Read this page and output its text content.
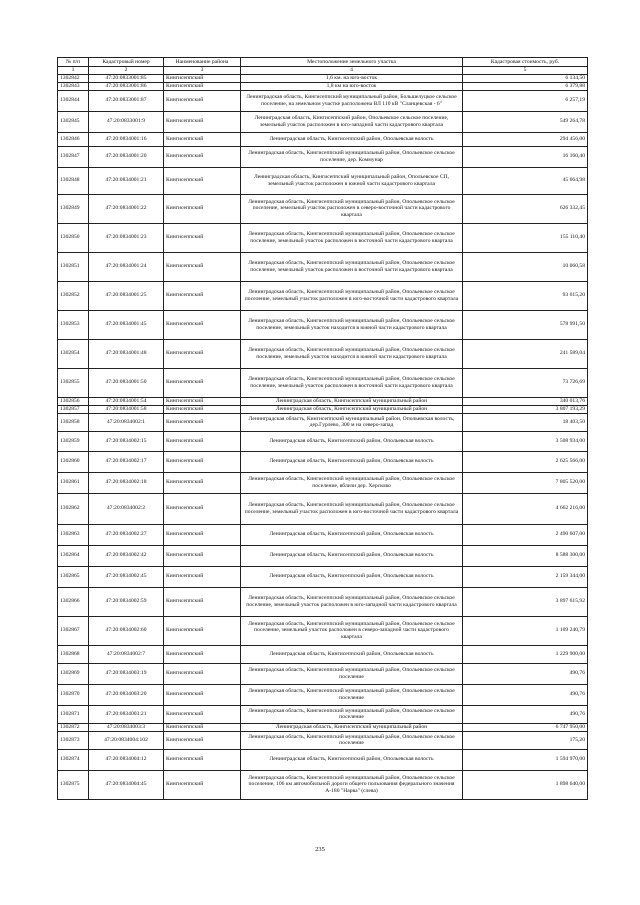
№ п/п	Кадастровый номер	Наименование района	Местоположение земельного участка	Кадастровая стоимость, руб.
1	2	3	4	5
1302842	47:20:0833001:85	Кингисеппский	1,6 км. на юго-восток	6 134,50
1302843	47:20:0833001:86	Кингисеппский	1,8 км на юго-восток	6 379,88
1302844	47:20:0833001:87	Кингисеппский	Ленинградская область, Кингисеппский муниципальный район, Большелуцкое сельское поселение, на земельном участке расположена ВЛ 110 кВ "Сланцевская - 6"	6 257,19
1302845	47:20:0833001:9	Кингисеппский	Ленинградская область, Кингисеппский район, Опольевское сельское поселение, земельный участок расположен в юго-западной части кадастрового квартала	549 264,78
1302846	47:20:0834001:16	Кингисеппский	Ленинградская область, Кингисеппский район, Опольевская волость	294 456,00
1302847	47:20:0834001:20	Кингисеппский	Ленинградская область, Кингисеппский муниципальный район, Опольевское сельское поселение, дер. Коммунар	16 160,40
1302848	47:20:0834001:21	Кингисеппский	Ленинградская область, Кингисеппский муниципальный район, Опольевское СП, земельный участок расположен в южной части кадастрового квартала	45 664,98
1302849	47:20:0834001:22	Кингисеппский	Ленинградская область, Кингисеппский муниципальный район, Опольевское сельское поселение, земельный участок расположен в северо-восточной части кадастрового квартала	626 332,45
1302850	47:20:0834001:23	Кингисеппский	Ленинградская область, Кингисеппский муниципальный район, Опольевское сельское поселение, земельный участок расположен в восточной части кадастрового квартала	155 110,40
1302851	47:20:0834001:24	Кингисеппский	Ленинградская область, Кингисеппский муниципальный район, Опольевское сельское поселение, земельный участок расположен в восточной части кадастрового квартала	10 060,58
1302852	47:20:0834001:25	Кингисеппский	Ленинградская область, Кингисеппский муниципальный район, Опольевское сельское поселение, земельный участок расположен в юго-восточной части кадастрового квартала	93 615,20
1302853	47:20:0834001:45	Кингисеппский	Ленинградская область, Кингисеппский муниципальный район, Опольевское сельское поселение, земельный участок находится в южной части кадастрового квартала	578 991,50
1302854	47:20:0834001:48	Кингисеппский	Ленинградская область, Кингисеппский муниципальный район, Опольевское сельское поселение, земельный участок находится в южной части кадастрового квартала	241 589,04
1302855	47:20:0834001:50	Кингисеппский	Ленинградская область, Кингисеппский муниципальный район, Опольевское сельское поселение, земельный участок расположен в восточной части кадастрового квартала	73 726,69
1302856	47:20:0834001:54	Кингисеппский	Ленинградская область, Кингисеппский муниципальный район	340 013,76
1302857	47:20:0834001:58	Кингисеппский	Ленинградская область, Кингисеппский муниципальный район	3 807 193,29
1302858	47:20:0834002:1	Кингисеппский	Ленинградская область, Кингисеппский муниципальный район, Опольевская волость, дер.Гурлево, 300 м на северо-запад	18 403,50
1302859	47:20:0834002:15	Кингисеппский	Ленинградская область, Кингисеппский район, Опольевская волость	3 508 934,00
1302860	47:20:0834002:17	Кингисеппский	Ленинградская область, Кингисеппский район, Опольевская волость	2 625 566,00
1302861	47:20:0834002:18	Кингисеппский	Ленинградская область, Кингисеппский муниципальный район, Опольевское сельское поселение, вблизи дер. Херсково	7 805 520,00
1302862	47:20:0834002:2	Кингисеппский	Ленинградская область, Кингисеппский муниципальный район, Опольевское сельское поселение, земельный участок расположен в юго-восточной части кадастрового квартала	4 662 216,00
1302863	47:20:0834002:27	Кингисеппский	Ленинградская область, Кингисеппский район, Опольевская волость	2 490 607,00
1302864	47:20:0834002:42	Кингисеппский	Ленинградская область, Кингисеппский район, Опольевская волость	8 588 300,00
1302865	47:20:0834002:45	Кингисеппский	Ленинградская область, Кингисеппский район, Опольевская волость	2 159 344,00
1302866	47:20:0834002:59	Кингисеппский	Ленинградская область, Кингисеппский муниципальный район, Опольевское сельское поселение, земельный участок расположен в юго-западной части кадастрового квартала	3 897 615,92
1302867	47:20:0834002:60	Кингисеппский	Ленинградская область, Кингисеппский муниципальный район, Опольевское сельское поселение, земельный участок расположен в северо-западной части кадастрового квартала	1 109 240,79
1302868	47:20:0834002:7	Кингисеппский	Ленинградская область, Кингисеппский район, Опольевская волость	1 229 900,00
1302869	47:20:0834003:19	Кингисеппский	Ленинградская область, Кингисеппский муниципальный район, Опольевское сельское поселение	490,76
1302870	47:20:0834003:20	Кингисеппский	Ленинградская область, Кингисеппский муниципальный район, Опольевское сельское поселение	490,76
1302871	47:20:0834003:21	Кингисеппский	Ленинградская область, Кингисеппский муниципальный район, Опольевское сельское поселение	490,76
1302872	47:20:0834003:3	Кингисеппский	Ленинградская область, Кингисеппский муниципальный район	6 747 950,00
1302873	47:20:0834004:102	Кингисеппский	Ленинградская область, Кингисеппский муниципальный район, Опольевское сельское поселение	175,20
1302874	47:20:0834004:12	Кингисеппский	Ленинградская область, Кингисеппский район, Опольевская волость	1 594 970,00
1302875	47:20:0834004:45	Кингисеппский	Ленинградская область, Кингисеппский муниципальный район, Опольевское сельское поселение, 106 км автомобильной дороги общего пользования федерального значения А-180 "Нарва" (слева)	1 898 640,00
235
